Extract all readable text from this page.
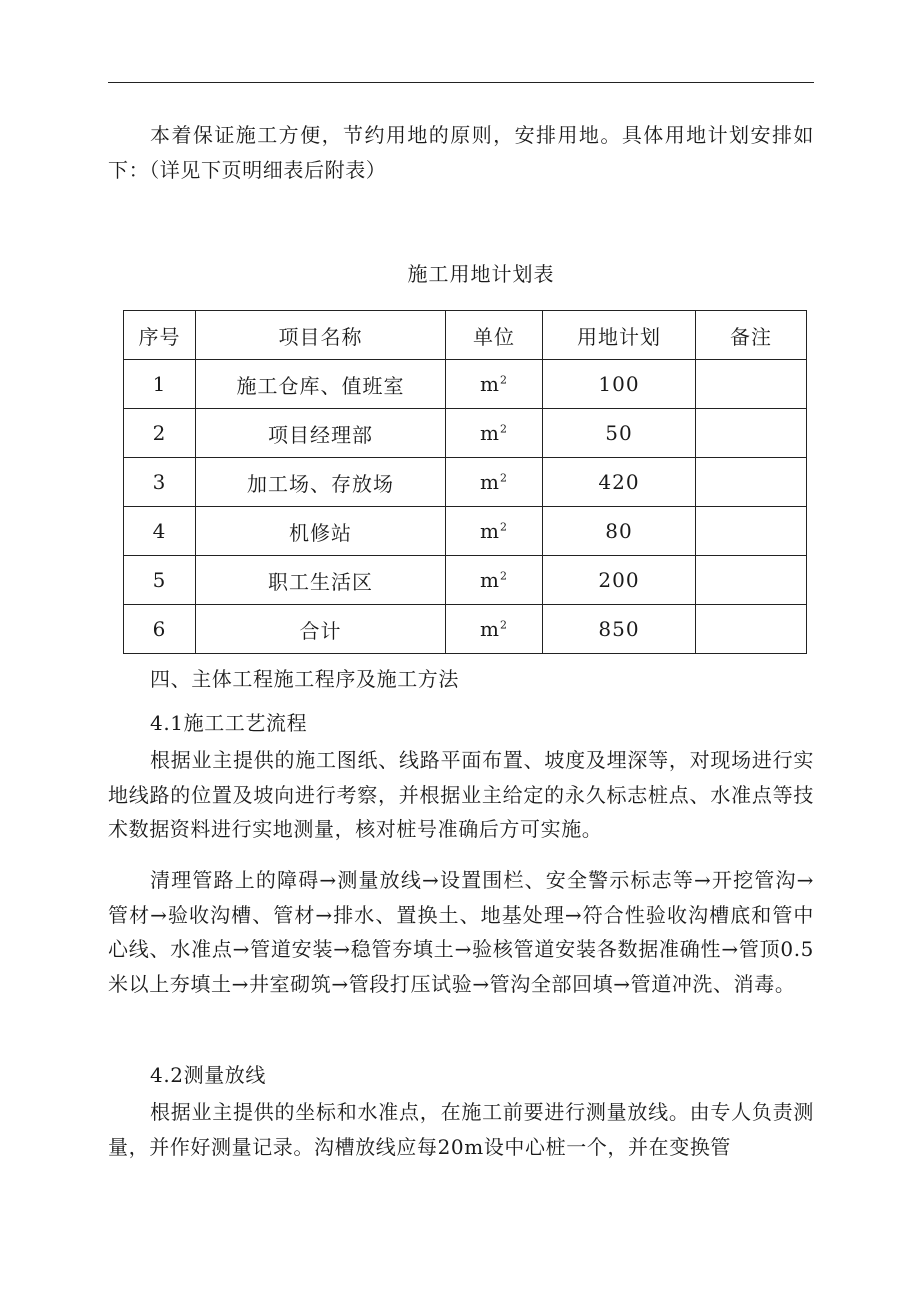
本着保证施工方便，节约用地的原则，安排用地。具体用地计划安排如下：（详见下页明细表后附表）

施工用地计划表
序号	项目名称	单位	用地计划	备注
1	施工仓库、值班室	$m^2$	100	
2	项目经理部	$m^2$	50	
3	加工场、存放场	$m^2$	420	
4	机修站	$m^2$	80	
5	职工生活区	$m^2$	200	
6	合计	$m^2$	850	

四、主体工程施工程序及施工方法

4.1施工工艺流程

根据业主提供的施工图纸、线路平面布置、坡度及埋深等，对现场进行实地线路的位置及坡向进行考察，并根据业主给定的永久标志桩点、水准点等技术数据资料进行实地测量，核对桩号准确后方可实施。

清理管路上的障碍→测量放线→设置围栏、安全警示标志等→开挖管沟→管材→验收沟槽、管材→排水、置换土、地基处理→符合性验收沟槽底和管中心线、水准点→管道安装→稳管夯填土→验核管道安装各数据准确性→管顶0.5米以上夯填土→井室砌筑→管段打压试验→管沟全部回填→管道冲洗、消毒。

4.2测量放线

根据业主提供的坐标和水准点，在施工前要进行测量放线。由专人负责测量，并作好测量记录。沟槽放线应每20m设中心桩一个，并在变换管
